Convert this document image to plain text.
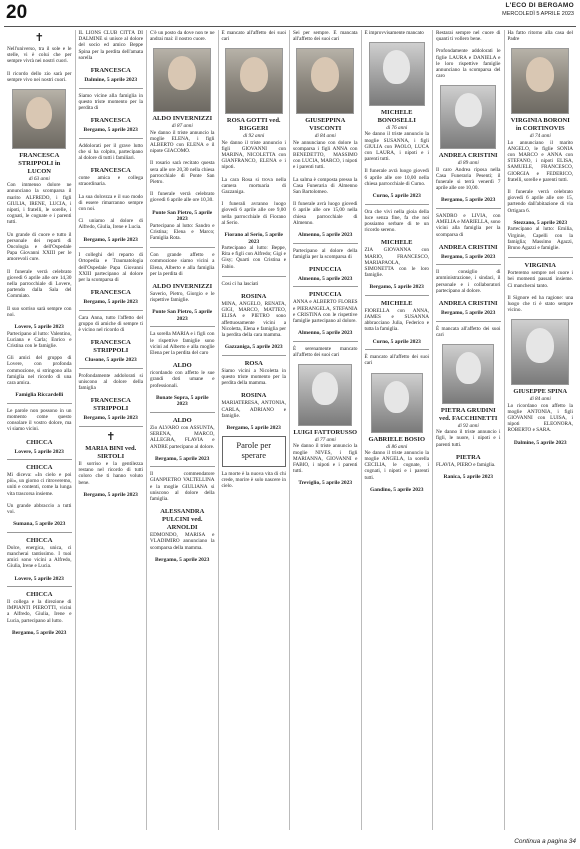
20	L'ECO DI BERGAMO
MERCOLEDÌ 5 APRILE 2023
✝
Nell'universo, tra il sole e le stelle, vi è colui che per sempre vivrà nei nostri cuori.
Il ricordo dello zio sarà per sempre vivo nei nostri cuori.
FRANCESCA STRIPPOLI in LUCON
di 63 anni
Con immenso dolore ne annunciano la scomparsa il marito ALFREDO, i figli GIULIA, IRENE, LUCIA, i nipoti, i fratelli, le sorelle, i cognati, le cognate e i parenti tutti.
Un grande di cuore e tutto il personale dei reparti di Oncologia e dell'Ospedale Papa Giovanni XXIII per le amorevoli cure.
Il funerale verrà celebrato giovedì 6 aprile alle ore 14,30 nella parrocchiale di Lovere, partendo dalla Sala del Commiato.
Il suo sorriso sarà sempre con noi.
Lovere, 5 aprile 2023
Partecipano al lutto: Valentino, Luciana e Carla; Enrico e Cristina con le famiglie.
Gli amici del gruppo di Lovere, con profonda commozione, si stringono alla famiglia nel ricordo di una cara amica.
Famiglia Riccardelli
Le parole non possono in un momento come questo consolare il vostro dolore, ma vi siamo vicini.
CHICCA
Lovere, 5 aprile 2023
CHICCA
Mi diceva: «In cielo e poi più», un giorno ci ritroveremo, uniti e contenti, come la lunga vita trascorsa insieme.
Un grande abbraccio a tutti voi.
Sumana, 5 aprile 2023
CHICCA
Dolce, energica, unica, ci mancherai tantissimo. I tuoi amici sono vicini a Alfredo, Giulia, Irene e Lucia.
Lovere, 5 aprile 2023
CHICCA
Il collega e la direzione di IMPIANTI PIEROTTI, vicini a Alfredo, Giulia, Irene e Lucia, partecipano al lutto.
Bergamo, 5 aprile 2023
IL LIONS CLUB CITTÀ DI DALMINE si unisce al dolore del socio ed amico Beppe Spina per la perdita dell'amata sorella
FRANCESCA
Dalmine, 5 aprile 2023
Siamo vicine alla famiglia in questo triste momento per la perdita di
FRANCESCA
Bergamo, 5 aprile 2023
Addolorati per il grave lutto che si ha colpito, partecipano al dolore di tutti i familiari.
FRANCESCA
come amica e collega straordinaria.
La sua dolcezza e il suo modo di essere rimarranno sempre con noi.
Ci uniamo al dolore di Alfredo, Giulia, Irene e Lucia.
Bergamo, 5 aprile 2023
I colleghi del reparto di Ortopedia e Traumatologia dell'Ospedale Papa Giovanni XXIII partecipano al dolore per la scomparsa di
FRANCESCA
Bergamo, 5 aprile 2023
Cara Anna, tutto l'affetto del gruppo di amiche di sempre ti è vicino nel ricordo di
FRANCESCA STRIPPOLI
Clusone, 5 aprile 2023
Profondamente addolorati si uniscono al dolore della famiglia
FRANCESCA STRIPPOLI
Bergamo, 5 aprile 2023
✝
MARIA BINI ved. SIRTOLI
Il sorriso e la gentilezza restano nel ricordo di tutti coloro che ti hanno voluto bene.
Bergamo, 5 aprile 2023
C'è un posto da dove non te ne andrai mai: il nostro cuore.
ALDO INVERNIZZI
di 87 anni
Ne danno il triste annuncio la moglie ELENA, i figli ALBERTO con ELENA e il nipote GIACOMO.
Il rosario sarà recitato questa sera alle ore 20,30 nella chiesa parrocchiale di Ponte San Pietro.
Il funerale verrà celebrato giovedì 6 aprile alle ore 10,30.
Ponte San Pietro, 5 aprile 2023
Partecipano al lutto: Sandro e Cristina; Elena e Marco; Famiglia Rota.
Con grande affetto e commozione siamo vicini a Elena, Alberto e alla famiglia per la perdita di
ALDO INVERNIZZI
Saverio, Pietro, Giorgio e le rispettive famiglie.
Ponte San Pietro, 5 aprile 2023
La sorella MARIA e i figli con le rispettive famiglie sono vicini ad Alberto e alla moglie Elena per la perdita del caro
ALDO
ricordando con affetto le sue grandi doti umane e professionali.
Bonate Sopra, 5 aprile 2023
ALDO
Zio ALVARO con ASSUNTA, SERENA, MARCO, ALLEGRA, FLAVIA e ANDRE partecipano al dolore.
Bergamo, 5 aprile 2023
Il commendatore GIANPIETRO VALTELLINA e la moglie GIULIANA si uniscono al dolore della famiglia.
ALESSANDRA PULCINI ved. ARNOLDI
EDMONDO, MARISA e VLADIMIRO annunciano la scomparsa della mamma.
Bergamo, 5 aprile 2023
È mancato all'affetto dei suoi cari
ROSA GOTTI ved. RIGGERI
di 92 anni
Ne danno il triste annuncio i figli GIOVANNI con MARINA, NICOLETTA con GIANFRANCO, ELENA e i nipoti.
La cara Rosa si trova nella camera mortuaria di Gazzaniga.
I funerali avranno luogo giovedì 6 aprile alle ore 9,00 nella parrocchiale di Fiorano al Serio.
Fiorano al Serio, 5 aprile 2023
Partecipano al lutto: Beppe, Rita e figli con Alfredo; Gigi e Gisy; Quarti con Cristina e Fabio.
Cosi ci ha lasciati
ROSINA
MINA, ANGELO, RENATA, GIGI, MARCO, MATTEO, ELISA e PIETRO sono affettuosamente vicini a Nicoletta, Elena e famiglia per la perdita della cara mamma.
Gazzaniga, 5 aprile 2023
ROSA
Siamo vicini a Nicoletta in questo triste momento per la perdita della mamma.
ROSINA
MARIATERESA, ANTONIA, CARLA, ADRIANO e famiglie.
Bergamo, 5 aprile 2023
Parole per sperare
La morte è la nuova vita di chi crede, morire è solo nascere in cielo.
Sei per sempre. È mancata all'affetto dei suoi cari
GIUSEPPINA VISCONTI
di 84 anni
Ne annunciano con dolore la scomparsa i figli ANNA con BENEDETTO, MASSIMO con LUCIA, MARCO, i nipoti e i parenti tutti.
La salma è composta presso la Casa Funeraria di Almenno San Bartolomeo.
Il funerale avrà luogo giovedì 6 aprile alle ore 15,00 nella chiesa parrocchiale di Almenno.
Almenno, 5 aprile 2023
Partecipano al dolore della famiglia per la scomparsa di
PINUCCIA
Almenno, 5 aprile 2023
PINUCCIA
ANNA e ALBERTO FLORES e PIERANGELA, STEFANIA e CRISTINA con le rispettive famiglie partecipano al dolore.
Almenno, 5 aprile 2023
È serenamente mancato all'affetto dei suoi cari
LUIGI FATTORUSSO
di 77 anni
Ne danno il triste annuncio la moglie NIVES, i figli MARIANNA, GIOVANNI e FABIO, i nipoti e i parenti tutti.
Treviglio, 5 aprile 2023
È improvvisamente mancato
MICHELE BONOSELLI
di 76 anni
Ne danno il triste annuncio la moglie SUSANNA, i figli GIULIA con PAOLO, LUCA con LAURA, i nipoti e i parenti tutti.
Il funerale avrà luogo giovedì 6 aprile alle ore 10,00 nella chiesa parrocchiale di Curno.
Curno, 5 aprile 2023
Ora che vivi nella gioia della luce senza fine, fa che noi possiamo serbare di te un ricordo sereno.
MICHELE
ZIA GIOVANNA con MARIO, FRANCESCO, MARIAPAOLA, SIMONETTA con le loro famiglie.
Bergamo, 5 aprile 2023
MICHELE
FIORELLA con ANNA, JAMES e SUSANNA abbracciano Julia, Federico e tutta la famiglia.
Curno, 5 aprile 2023
È mancato all'affetto dei suoi cari
GABRIELE BOSIO
di 86 anni
Ne danno il triste annuncio la moglie ANGELA, la sorella CECILIA, le cognate, i cognati, i nipoti e i parenti tutti.
Gandino, 5 aprile 2023
Restarai sempre nel cuore di quanti ti vollero bene.
Profondamente addolorati le figlie LAURA e DANIELA e le loro rispettive famiglie annunciano la scomparsa del caro
ANDREA CRISTINI
di 89 anni
Il caro Andrea riposa nella Casa Funeraria Pesenti; il funerale si terrà venerdì 7 aprile alle ore 10,00.
Bergamo, 5 aprile 2023
SANDRO e LIVIA, con AMELIA e MARIELLA, sono vicini alla famiglia per la scomparsa di
ANDREA CRISTINI
Bergamo, 5 aprile 2023
Il consiglio di amministrazione, i sindaci, il personale e i collaboratori partecipano al dolore.
ANDREA CRISTINI
Bergamo, 5 aprile 2023
È mancata all'affetto dei suoi cari
PIETRA GRUDINI ved. FACCHINETTI
di 92 anni
Ne danno il triste annuncio i figli, le nuore, i nipoti e i parenti tutti.
PIETRA
FLAVIA, PIERO e famiglia.
Ranica, 5 aprile 2023
Ha fatto ritorno alla casa del Padre
VIRGINIA BORONI in CORTINOVIS
di 74 anni
Lo annunciano il marito ANGELO, le figlie SONIA con MARCO e ANNA con STEFANO, i nipoti ELISA, SAMUELE, FRANCESCO, GIORGIA e FEDERICO, fratelli, sorelle e parenti tutti.
Il funerale verrà celebrato giovedì 6 aprile alle ore 15, partendo dall'abitazione di via Ortigara 6.
Stezzano, 5 aprile 2023
Partecipano al lutto: Emilia, Virginie, Capelli con la famiglia; Massimo Agazzi, Bruno Agazzi e famiglie.
VIRGINIA
Porteremo sempre nel cuore i bei momenti passati insieme. Ci mancherai tanto.
Il Signore ed ha ragione: una luogo che ti è stato sempre vicino.
GIUSEPPE SPINA
di 84 anni
Lo ricordano con affetto la moglie ANTONIA, i figli GIOVANNI con LUISA, i nipoti ELEONORA, ROBERTO e SARA.
Dalmine, 5 aprile 2023
Continua a pagina 34
